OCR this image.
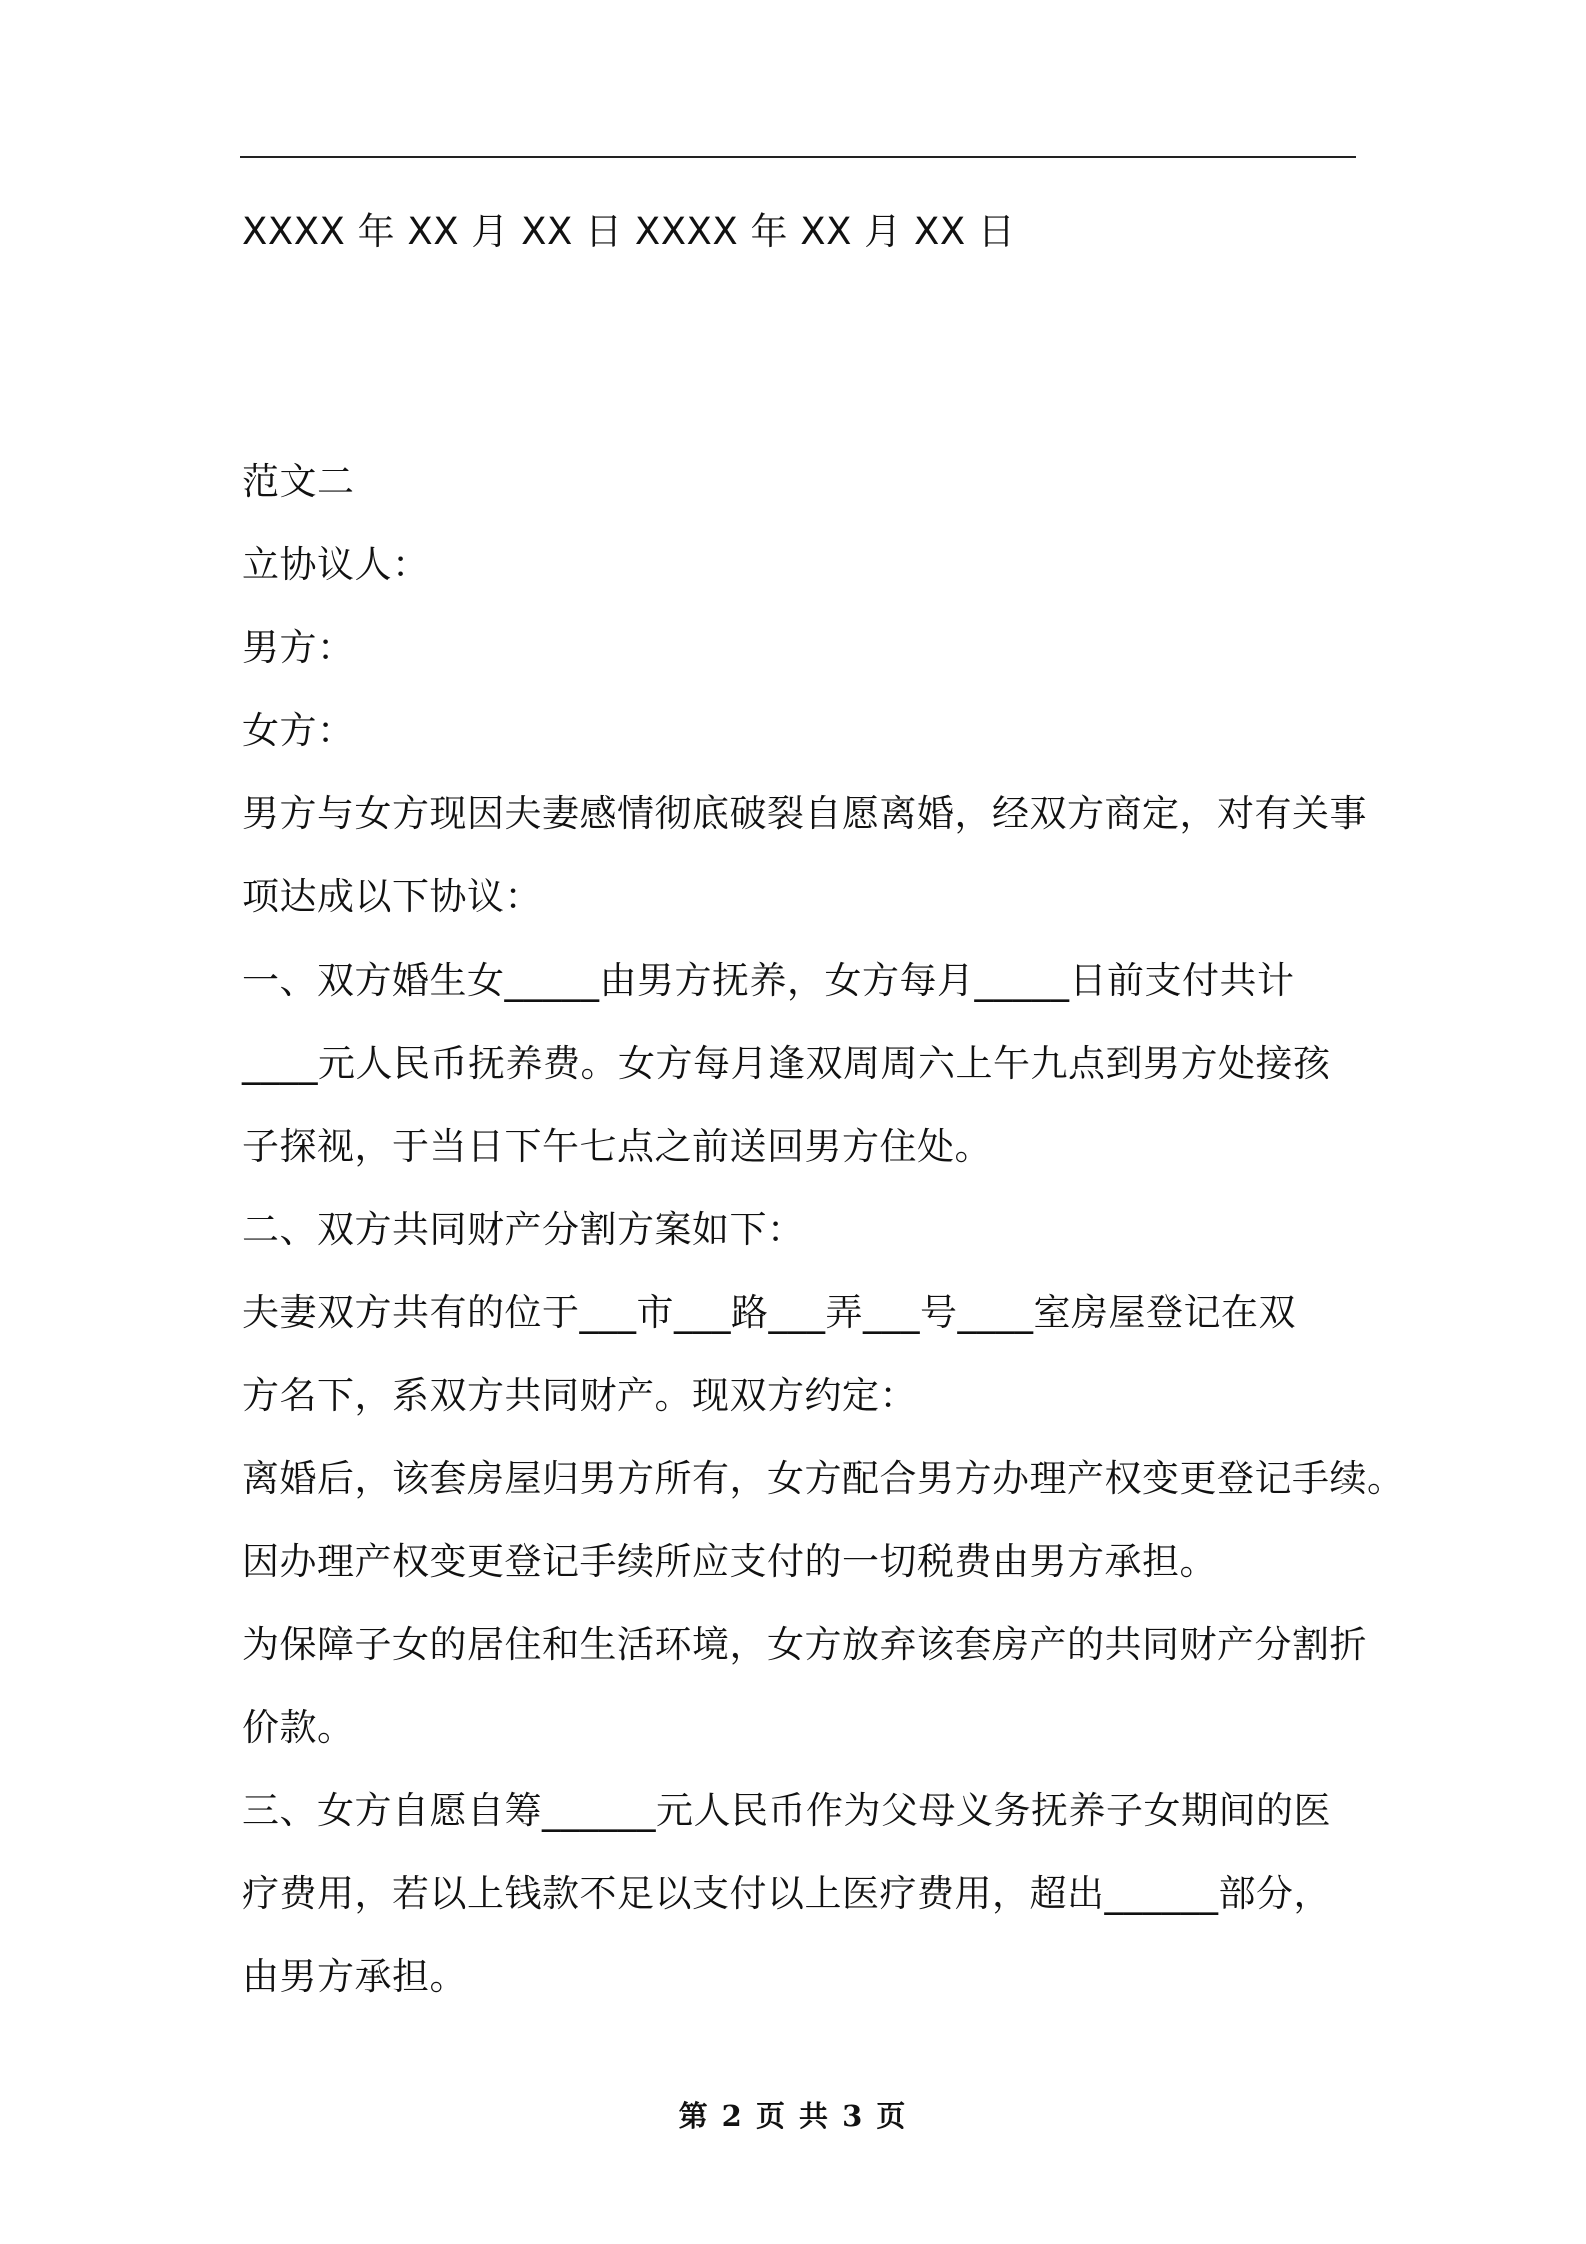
XXXX 年 XX 月 XX 日 XXXX 年 XX 月 XX 日
范文二
立协议人：
男方：
女方：
男方与女方现因夫妻感情彻底破裂自愿离婚，经双方商定，对有关事
项达成以下协议：
一、双方婚生女_____由男方抚养，女方每月_____日前支付共计
____元人民币抚养费。女方每月逢双周周六上午九点到男方处接孩
子探视，于当日下午七点之前送回男方住处。
二、双方共同财产分割方案如下：
夫妻双方共有的位于___市___路___弄___号____室房屋登记在双
方名下，系双方共同财产。现双方约定：
离婚后，该套房屋归男方所有，女方配合男方办理产权变更登记手续。
因办理产权变更登记手续所应支付的一切税费由男方承担。
为保障子女的居住和生活环境，女方放弃该套房产的共同财产分割折
价款。
三、女方自愿自筹______元人民币作为父母义务抚养子女期间的医
疗费用，若以上钱款不足以支付以上医疗费用，超出______部分，
由男方承担。
第 2 页 共 3 页
